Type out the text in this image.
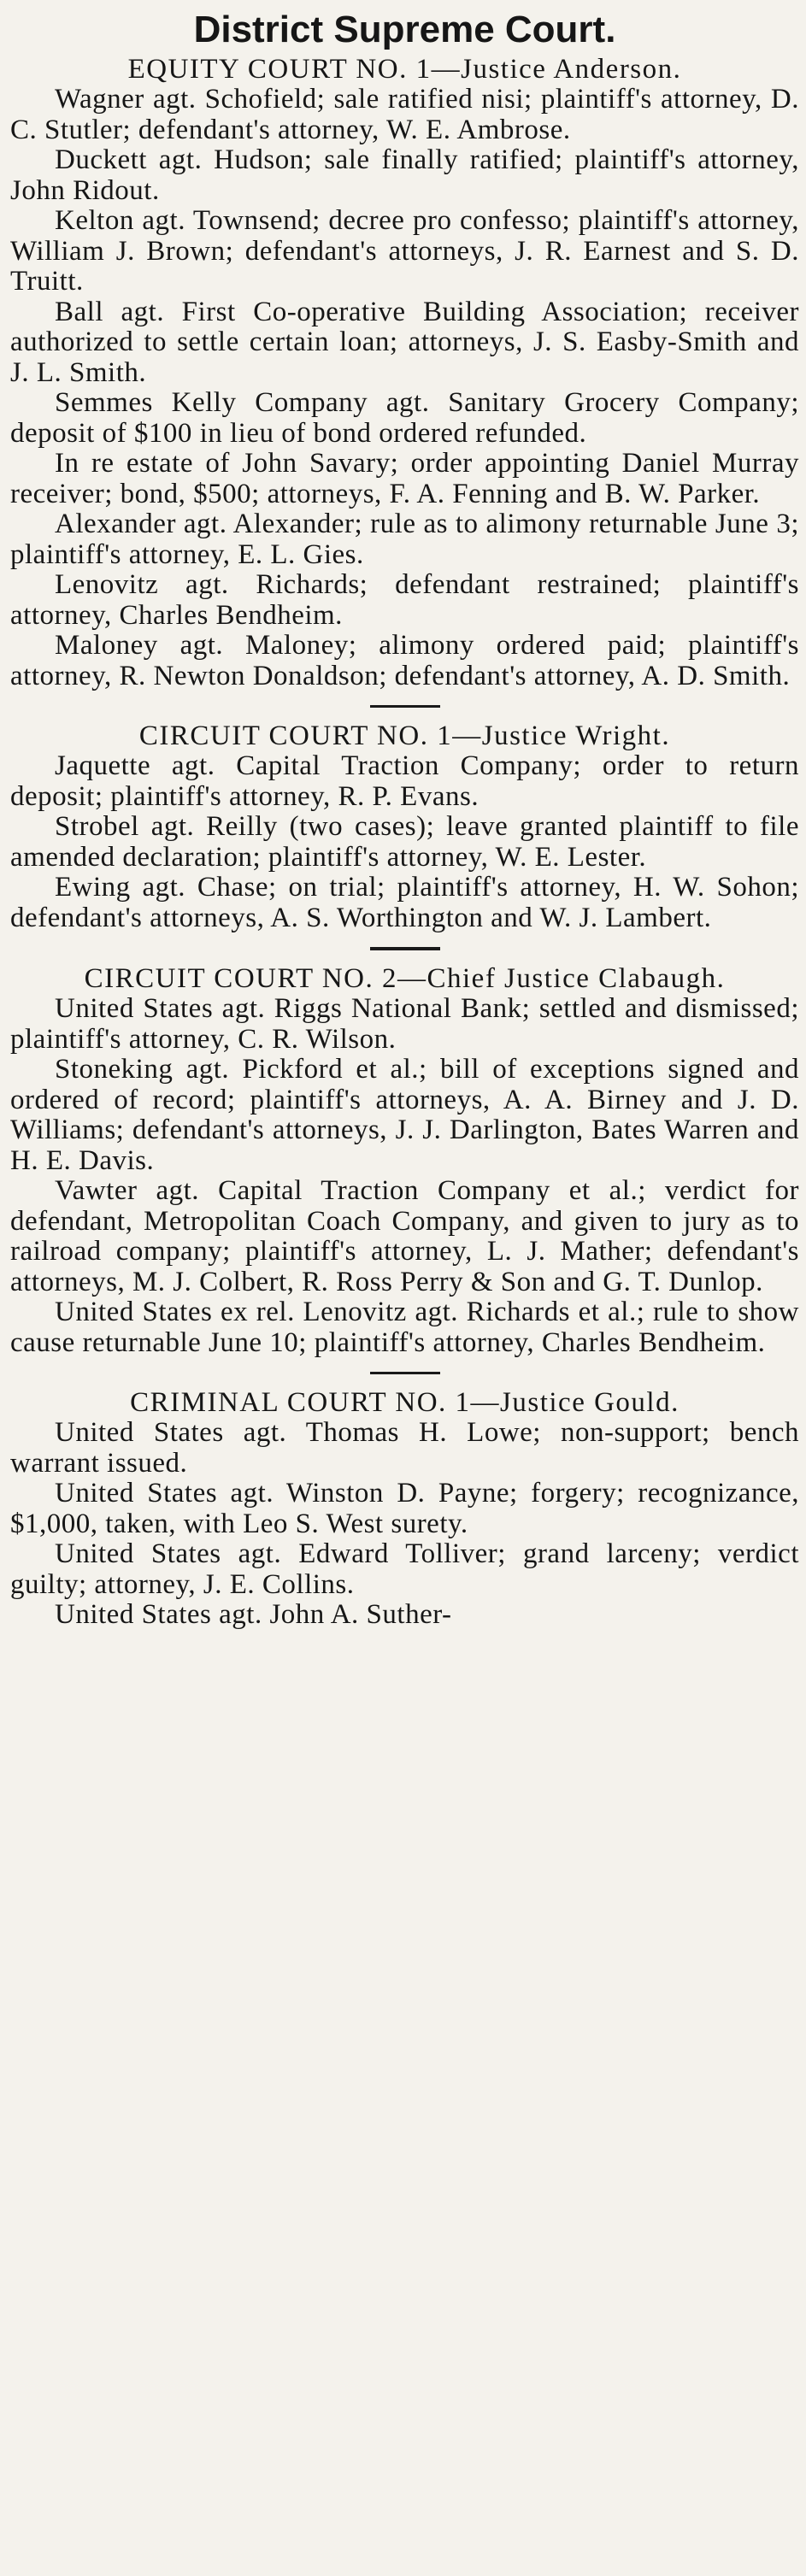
District Supreme Court.

EQUITY COURT NO. 1—Justice Anderson.

Wagner agt. Schofield; sale ratified nisi; plaintiff's attorney, D. C. Stutler; defendant's attorney, W. E. Ambrose.

Duckett agt. Hudson; sale finally ratified; plaintiff's attorney, John Ridout.

Kelton agt. Townsend; decree pro confesso; plaintiff's attorney, William J. Brown; defendant's attorneys, J. R. Earnest and S. D. Truitt.

Ball agt. First Co-operative Building Association; receiver authorized to settle certain loan; attorneys, J. S. Easby-Smith and J. L. Smith.

Semmes Kelly Company agt. Sanitary Grocery Company; deposit of $100 in lieu of bond ordered refunded.

In re estate of John Savary; order appointing Daniel Murray receiver; bond, $500; attorneys, F. A. Fenning and B. W. Parker.

Alexander agt. Alexander; rule as to alimony returnable June 3; plaintiff's attorney, E. L. Gies.

Lenovitz agt. Richards; defendant restrained; plaintiff's attorney, Charles Bendheim.

Maloney agt. Maloney; alimony ordered paid; plaintiff's attorney, R. Newton Donaldson; defendant's attorney, A. D. Smith.

CIRCUIT COURT NO. 1—Justice Wright.

Jaquette agt. Capital Traction Company; order to return deposit; plaintiff's attorney, R. P. Evans.

Strobel agt. Reilly (two cases); leave granted plaintiff to file amended declaration; plaintiff's attorney, W. E. Lester.

Ewing agt. Chase; on trial; plaintiff's attorney, H. W. Sohon; defendant's attorneys, A. S. Worthington and W. J. Lambert.

CIRCUIT COURT NO. 2—Chief Justice Clabaugh.

United States agt. Riggs National Bank; settled and dismissed; plaintiff's attorney, C. R. Wilson.

Stoneking agt. Pickford et al.; bill of exceptions signed and ordered of record; plaintiff's attorneys, A. A. Birney and J. D. Williams; defendant's attorneys, J. J. Darlington, Bates Warren and H. E. Davis.

Vawter agt. Capital Traction Company et al.; verdict for defendant, Metropolitan Coach Company, and given to jury as to railroad company; plaintiff's attorney, L. J. Mather; defendant's attorneys, M. J. Colbert, R. Ross Perry & Son and G. T. Dunlop.

United States ex rel. Lenovitz agt. Richards et al.; rule to show cause returnable June 10; plaintiff's attorney, Charles Bendheim.

CRIMINAL COURT NO. 1—Justice Gould.

United States agt. Thomas H. Lowe; non-support; bench warrant issued.

United States agt. Winston D. Payne; forgery; recognizance, $1,000, taken, with Leo S. West surety.

United States agt. Edward Tolliver; grand larceny; verdict guilty; attorney, J. E. Collins.

United States agt. John A. Suther-
